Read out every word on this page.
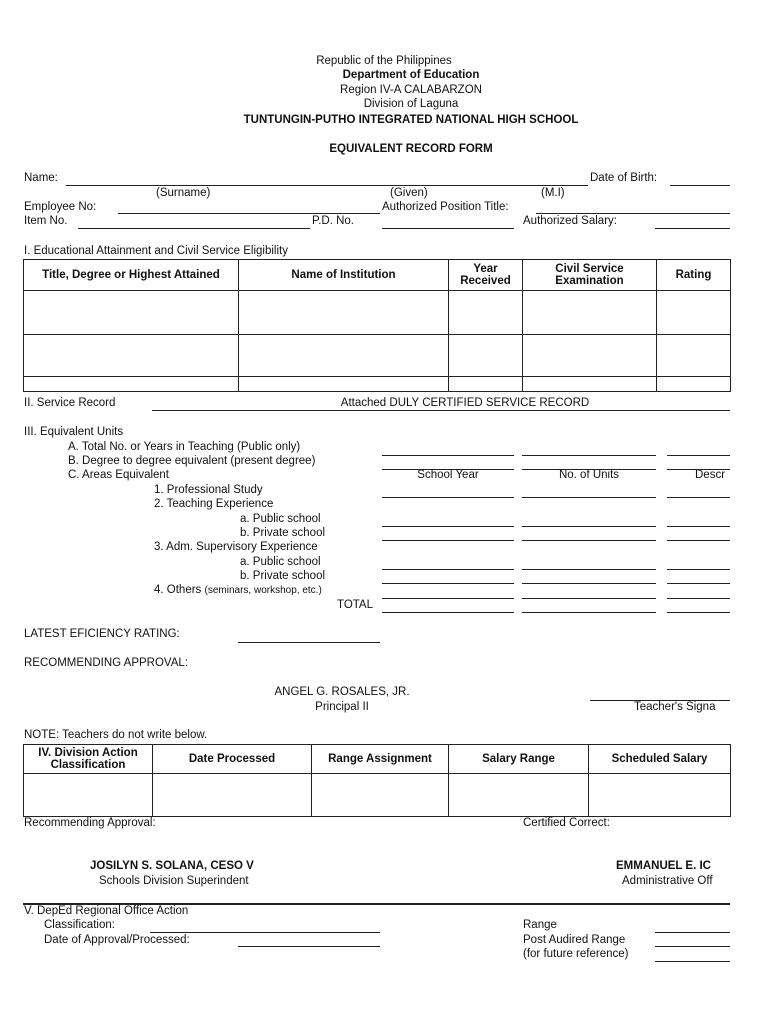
Republic of the Philippines
Department of Education
Region IV-A CALABARZON
Division of Laguna
TUNTUNGIN-PUTHO INTEGRATED NATIONAL HIGH SCHOOL
EQUIVALENT RECORD FORM
Name:	Date of Birth:
(Surname)	(Given)	(M.I)
Employee No:	Authorized Position Title:
Item No.	P.D. No.	Authorized Salary:
I. Educational Attainment and Civil Service Eligibility
Title, Degree or Highest Attained	Name of Institution	Year Received	Civil Service Examination	Rating

II. Service Record	Attached DULY CERTIFIED SERVICE RECORD
III. Equivalent Units
A. Total No. or Years in Teaching (Public only)
B. Degree to degree equivalent (present degree)
C. Areas Equivalent	School Year	No. of Units	Descr
1. Professional Study
2. Teaching Experience
a. Public school
b. Private school
3. Adm. Supervisory Experience
a. Public school
b. Private school
4. Others (seminars, workshop, etc.)
TOTAL
LATEST EFICIENCY RATING:
RECOMMENDING APPROVAL:
ANGEL G. ROSALES, JR.
Principal II	Teacher's Signa
NOTE: Teachers do not write below.
IV. Division Action Classification	Date Processed	Range Assignment	Salary Range	Scheduled Salary

Recommending Approval:	Certified Correct:
JOSILYN S. SOLANA, CESO V
Schools Division Superindent
EMMANUEL E. IC
Administrative Off
V. DepEd Regional Office Action
Classification:
Date of Approval/Processed:
Range
Post Audired Range
(for future reference)
